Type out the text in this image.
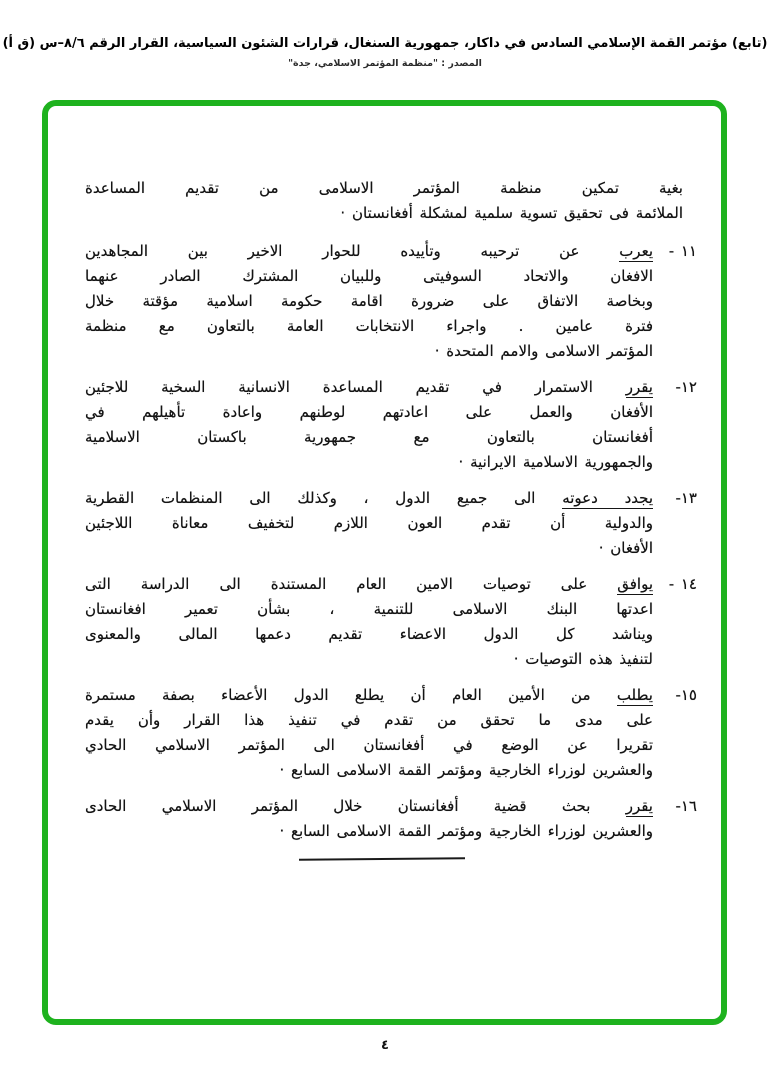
(تابع) مؤتمر القمة الإسلامي السادس في داكار، جمهورية السنغال، قرارات الشئون السياسية، القرار الرقم ٨/٦–س (ق أ)
المصدر : "منظمة المؤتمر الاسلامي، جدة"
بغية تمكين منظمة المؤتمر الاسلامى من تقديم المساعدة
الملائمة فى تحقيق تسوية سلمية لمشكلة أفغانستان ·
١١ -
يعرب عن ترحيبه وتأييده للحوار الاخير بين المجاهدين
الافغان والاتحاد السوفيتى وللبيان المشترك الصادر عنهما
وبخاصة الاتفاق على ضرورة اقامة حكومة اسلامية مؤقتة خلال
فترة عامين . واجراء الانتخابات العامة بالتعاون مع منظمة
المؤتمر الاسلامى والامم المتحدة ·
١٢-
يقرر الاستمرار في تقديم المساعدة الانسانية السخية للاجئين
الأفغان والعمل على اعادتهم لوطنهم واعادة تأهيلهم في
أفغانستان بالتعاون مع جمهورية باكستان الاسلامية
والجمهورية الاسلامية الايرانية ·
١٣-
يجدد دعوته الى جميع الدول ، وكذلك الى المنظمات القطرية
والدولية أن تقدم العون اللازم لتخفيف معاناة اللاجئين
الأفغان ·
١٤ -
يوافق على توصيات الامين العام المستندة الى الدراسة التى
اعدتها البنك الاسلامى للتنمية ، بشأن تعمير افغانستان
ويناشد كل الدول الاعضاء تقديم دعمها المالى والمعنوى
لتنفيذ هذه التوصيات ·
١٥-
يطلب من الأمين العام أن يطلع الدول الأعضاء بصفة مستمرة
على مدى ما تحقق من تقدم في تنفيذ هذا القرار وأن يقدم
تقريرا عن الوضع في أفغانستان الى المؤتمر الاسلامي الحادي
والعشرين لوزراء الخارجية ومؤتمر القمة الاسلامى السابع ·
١٦-
يقرر بحث قضية أفغانستان خلال المؤتمر الاسلامي الحادى
والعشرين لوزراء الخارجية ومؤتمر القمة الاسلامى السابع ·
٤
